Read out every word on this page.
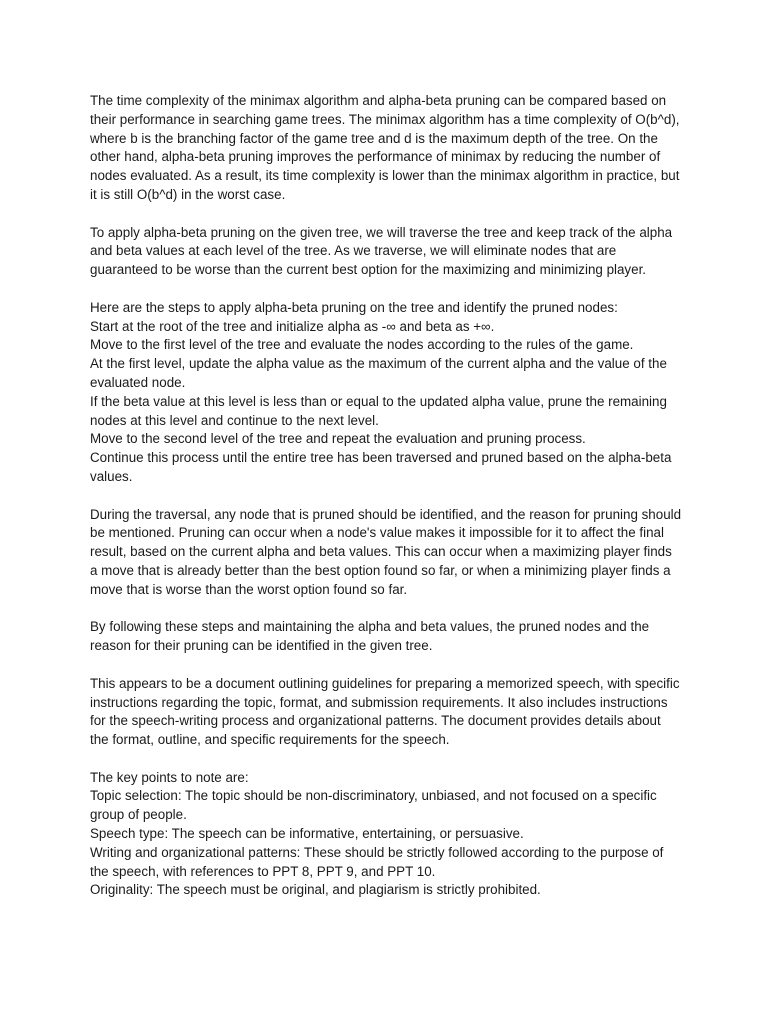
The time complexity of the minimax algorithm and alpha-beta pruning can be compared based on their performance in searching game trees. The minimax algorithm has a time complexity of O(b^d), where b is the branching factor of the game tree and d is the maximum depth of the tree. On the other hand, alpha-beta pruning improves the performance of minimax by reducing the number of nodes evaluated. As a result, its time complexity is lower than the minimax algorithm in practice, but it is still O(b^d) in the worst case.
To apply alpha-beta pruning on the given tree, we will traverse the tree and keep track of the alpha and beta values at each level of the tree. As we traverse, we will eliminate nodes that are guaranteed to be worse than the current best option for the maximizing and minimizing player.
Here are the steps to apply alpha-beta pruning on the tree and identify the pruned nodes:
Start at the root of the tree and initialize alpha as -∞ and beta as +∞.
Move to the first level of the tree and evaluate the nodes according to the rules of the game.
At the first level, update the alpha value as the maximum of the current alpha and the value of the evaluated node.
If the beta value at this level is less than or equal to the updated alpha value, prune the remaining nodes at this level and continue to the next level.
Move to the second level of the tree and repeat the evaluation and pruning process.
Continue this process until the entire tree has been traversed and pruned based on the alpha-beta values.
During the traversal, any node that is pruned should be identified, and the reason for pruning should be mentioned. Pruning can occur when a node's value makes it impossible for it to affect the final result, based on the current alpha and beta values. This can occur when a maximizing player finds a move that is already better than the best option found so far, or when a minimizing player finds a move that is worse than the worst option found so far.
By following these steps and maintaining the alpha and beta values, the pruned nodes and the reason for their pruning can be identified in the given tree.
This appears to be a document outlining guidelines for preparing a memorized speech, with specific instructions regarding the topic, format, and submission requirements. It also includes instructions for the speech-writing process and organizational patterns. The document provides details about the format, outline, and specific requirements for the speech.
The key points to note are:
Topic selection: The topic should be non-discriminatory, unbiased, and not focused on a specific group of people.
Speech type: The speech can be informative, entertaining, or persuasive.
Writing and organizational patterns: These should be strictly followed according to the purpose of the speech, with references to PPT 8, PPT 9, and PPT 10.
Originality: The speech must be original, and plagiarism is strictly prohibited.
